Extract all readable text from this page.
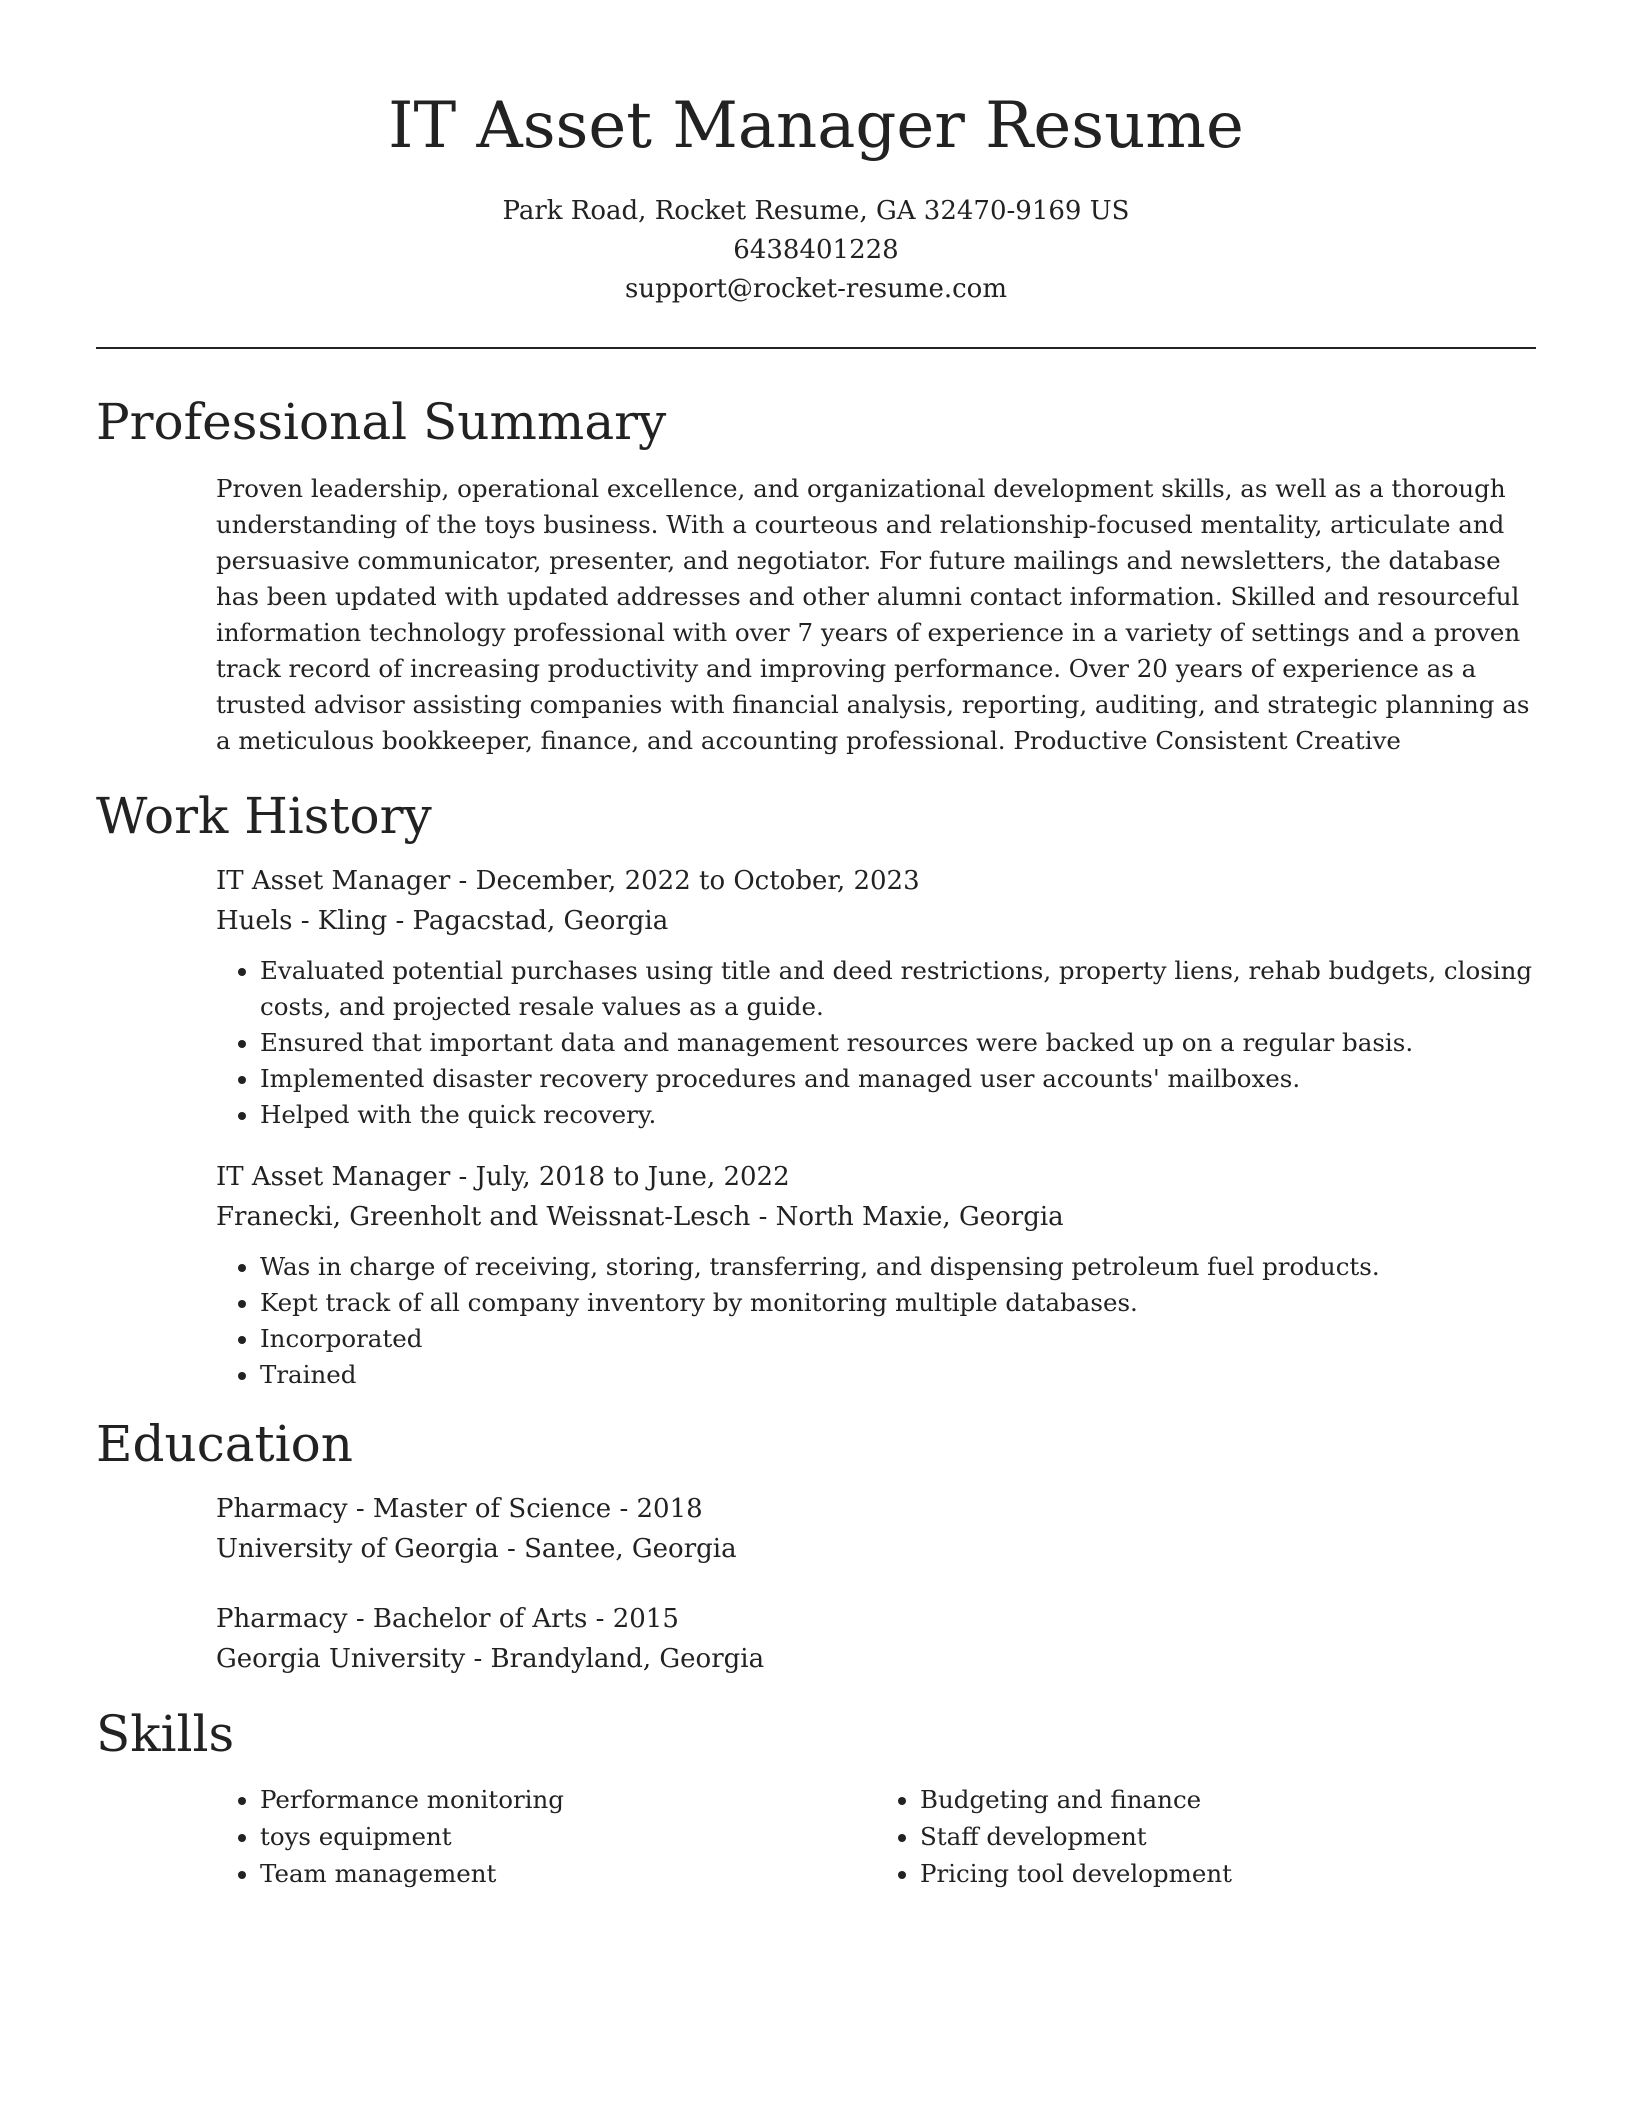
IT Asset Manager Resume
Park Road, Rocket Resume, GA 32470-9169 US
6438401228
support@rocket-resume.com
Professional Summary

Proven leadership, operational excellence, and organizational development skills, as well as a thorough understanding of the toys business. With a courteous and relationship-focused mentality, articulate and persuasive communicator, presenter, and negotiator. For future mailings and newsletters, the database has been updated with updated addresses and other alumni contact information. Skilled and resourceful information technology professional with over 7 years of experience in a variety of settings and a proven track record of increasing productivity and improving performance. Over 20 years of experience as a trusted advisor assisting companies with financial analysis, reporting, auditing, and strategic planning as a meticulous bookkeeper, finance, and accounting professional. Productive Consistent Creative

Work History

IT Asset Manager - December, 2022 to October, 2023

Huels - Kling - Pagacstad, Georgia

• Evaluated potential purchases using title and deed restrictions, property liens, rehab budgets, closing costs, and projected resale values as a guide.
• Ensured that important data and management resources were backed up on a regular basis.
• Implemented disaster recovery procedures and managed user accounts' mailboxes.
• Helped with the quick recovery.

IT Asset Manager - July, 2018 to June, 2022

Franecki, Greenholt and Weissnat-Lesch - North Maxie, Georgia

• Was in charge of receiving, storing, transferring, and dispensing petroleum fuel products.
• Kept track of all company inventory by monitoring multiple databases.
• Incorporated
• Trained
Education

Pharmacy - Master of Science - 2018

University of Georgia - Santee, Georgia

Pharmacy - Bachelor of Arts - 2015

Georgia University - Brandyland, Georgia

Skills
• Performance monitoring
• toys equipment
• Team management
• Budgeting and finance
• Staff development
• Pricing tool development
